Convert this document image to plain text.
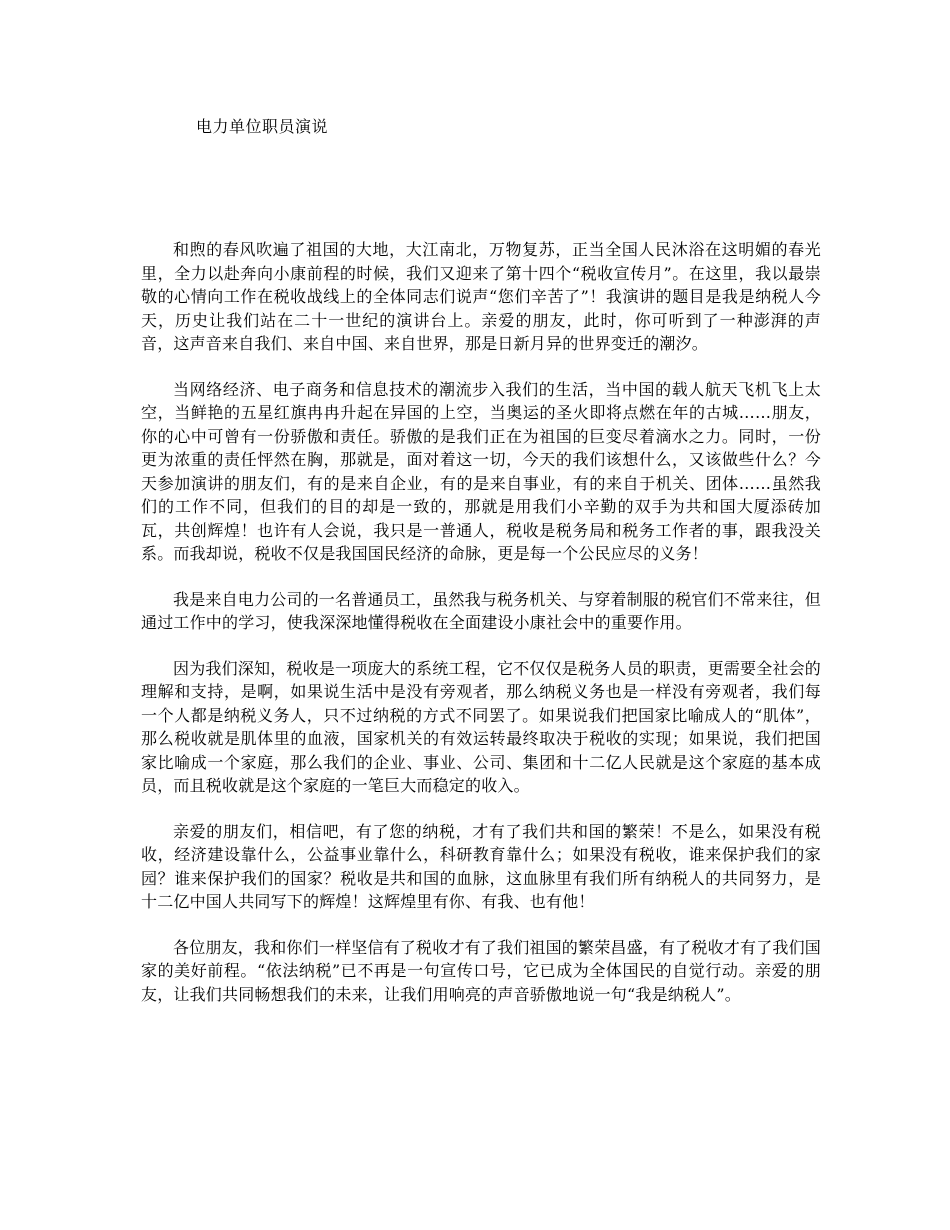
电力单位职员演说

和煦的春风吹遍了祖国的大地，大江南北，万物复苏，正当全国人民沐浴在这明媚的春光里，全力以赴奔向小康前程的时候，我们又迎来了第十四个“税收宣传月”。在这里，我以最崇敬的心情向工作在税收战线上的全体同志们说声“您们辛苦了”！我演讲的题目是我是纳税人今天，历史让我们站在二十一世纪的演讲台上。亲爱的朋友，此时，你可听到了一种澎湃的声音，这声音来自我们、来自中国、来自世界，那是日新月异的世界变迁的潮汐。

当网络经济、电子商务和信息技术的潮流步入我们的生活，当中国的载人航天飞机飞上太空，当鲜艳的五星红旗冉冉升起在异国的上空，当奥运的圣火即将点燃在年的古城……朋友，你的心中可曾有一份骄傲和责任。骄傲的是我们正在为祖国的巨变尽着滴水之力。同时，一份更为浓重的责任怦然在胸，那就是，面对着这一切，今天的我们该想什么，又该做些什么？今天参加演讲的朋友们，有的是来自企业，有的是来自事业，有的来自于机关、团体……虽然我们的工作不同，但我们的目的却是一致的，那就是用我们小辛勤的双手为共和国大厦添砖加瓦，共创辉煌！也许有人会说，我只是一普通人，税收是税务局和税务工作者的事，跟我没关系。而我却说，税收不仅是我国国民经济的命脉，更是每一个公民应尽的义务！

我是来自电力公司的一名普通员工，虽然我与税务机关、与穿着制服的税官们不常来往，但通过工作中的学习，使我深深地懂得税收在全面建设小康社会中的重要作用。

因为我们深知，税收是一项庞大的系统工程，它不仅仅是税务人员的职责，更需要全社会的理解和支持，是啊，如果说生活中是没有旁观者，那么纳税义务也是一样没有旁观者，我们每一个人都是纳税义务人，只不过纳税的方式不同罢了。如果说我们把国家比喻成人的“肌体”，那么税收就是肌体里的血液，国家机关的有效运转最终取决于税收的实现；如果说，我们把国家比喻成一个家庭，那么我们的企业、事业、公司、集团和十二亿人民就是这个家庭的基本成员，而且税收就是这个家庭的一笔巨大而稳定的收入。

亲爱的朋友们，相信吧，有了您的纳税，才有了我们共和国的繁荣！不是么，如果没有税收，经济建设靠什么，公益事业靠什么，科研教育靠什么；如果没有税收，谁来保护我们的家园？谁来保护我们的国家？税收是共和国的血脉，这血脉里有我们所有纳税人的共同努力，是十二亿中国人共同写下的辉煌！这辉煌里有你、有我、也有他！

各位朋友，我和你们一样坚信有了税收才有了我们祖国的繁荣昌盛，有了税收才有了我们国家的美好前程。“依法纳税”已不再是一句宣传口号，它已成为全体国民的自觉行动。亲爱的朋友，让我们共同畅想我们的未来，让我们用响亮的声音骄傲地说一句“我是纳税人”。
